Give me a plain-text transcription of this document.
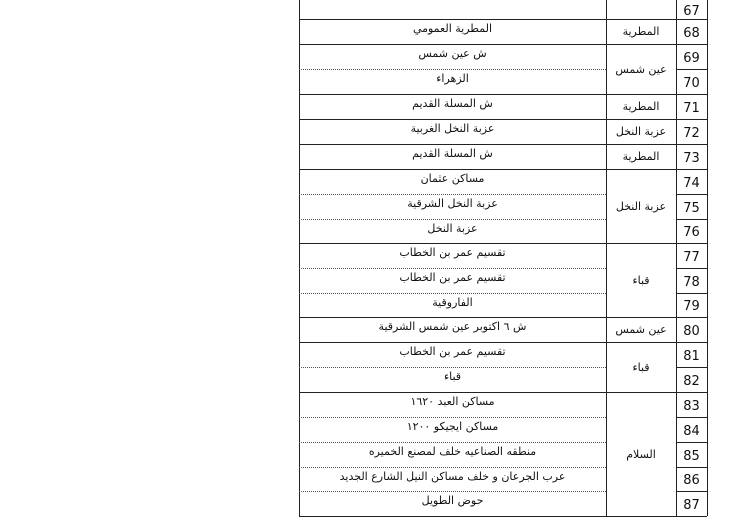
67
68
المطرية العمومي
69
ش عين شمس
70
الزهراء
71
ش المسلة القديم
72
عزبة النخل الغربية
73
ش المسلة القديم
74
مساكن عثمان
75
عزبة النخل الشرقية
76
عزبة النخل
77
تقسيم عمر بن الخطاب
78
تقسيم عمر بن الخطاب
79
الفاروقية
80
ش ٦ اكتوبر عين شمس الشرقية
81
تقسيم عمر بن الخطاب
82
قباء
83
مساكن العبد ١٦٢٠
84
مساكن ايجيكو ١٢٠٠
85
منطقه الصناعيه خلف لمصنع الخميره
86
عرب الجرعان و خلف مساكن النيل الشارع الجديد
87
حوض الطويل
المطرية
عين شمس
المطرية
عزبة النخل
المطرية
عزبة النخل
قباء
عين شمس
قباء
السلام
